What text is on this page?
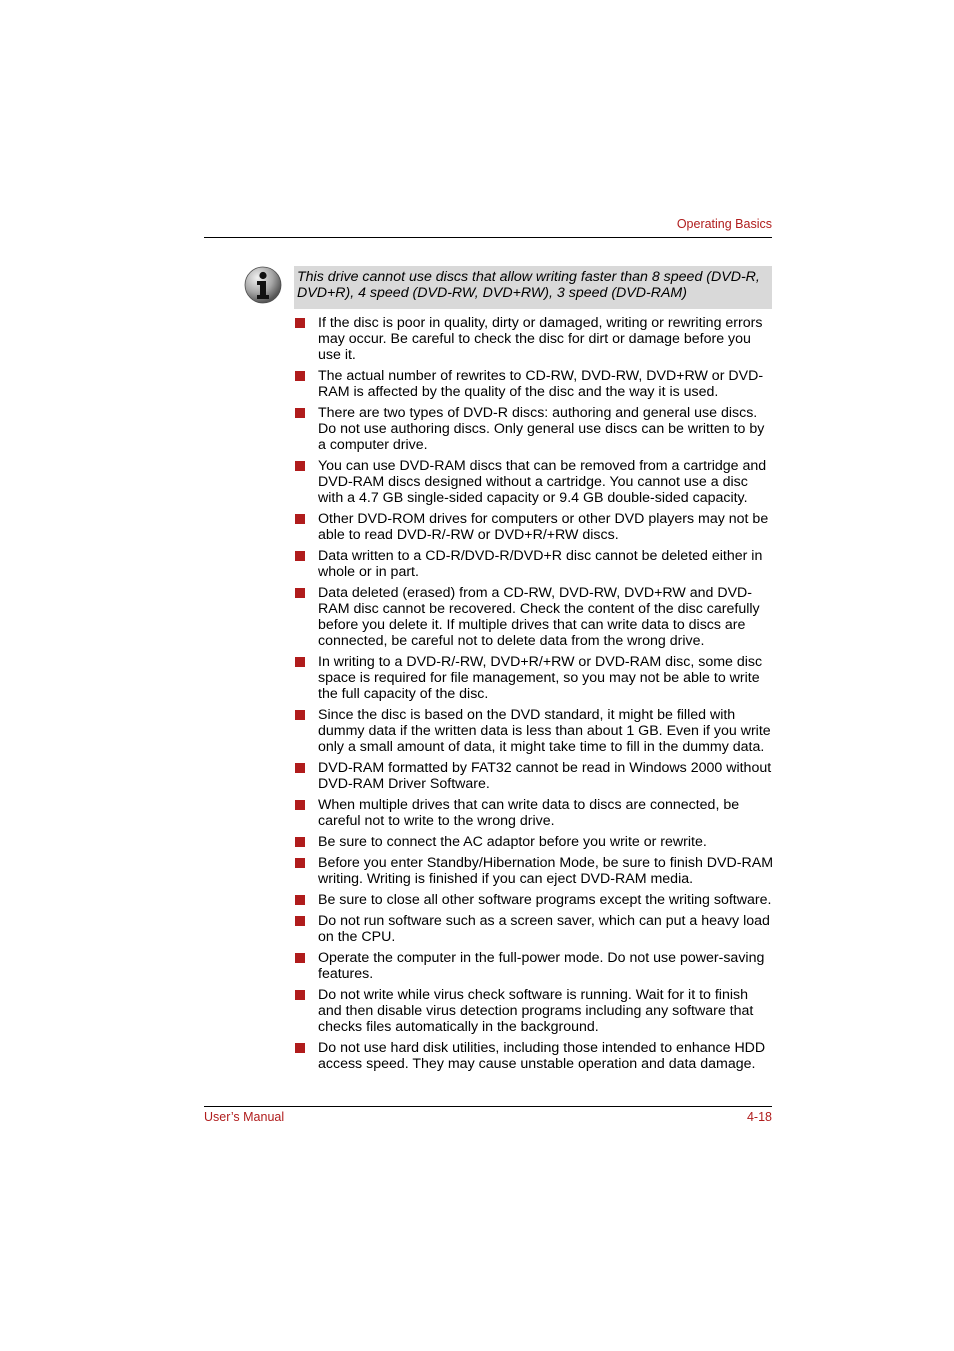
Operating Basics
This drive cannot use discs that allow writing faster than 8 speed (DVD-R, DVD+R), 4 speed (DVD-RW, DVD+RW), 3 speed (DVD-RAM)
If the disc is poor in quality, dirty or damaged, writing or rewriting errors may occur. Be careful to check the disc for dirt or damage before you use it.
The actual number of rewrites to CD-RW, DVD-RW, DVD+RW or DVD-RAM is affected by the quality of the disc and the way it is used.
There are two types of DVD-R discs: authoring and general use discs. Do not use authoring discs. Only general use discs can be written to by a computer drive.
You can use DVD-RAM discs that can be removed from a cartridge and DVD-RAM discs designed without a cartridge. You cannot use a disc with a 4.7 GB single-sided capacity or 9.4 GB double-sided capacity.
Other DVD-ROM drives for computers or other DVD players may not be able to read DVD-R/-RW or DVD+R/+RW discs.
Data written to a CD-R/DVD-R/DVD+R disc cannot be deleted either in whole or in part.
Data deleted (erased) from a CD-RW, DVD-RW, DVD+RW and DVD-RAM disc cannot be recovered. Check the content of the disc carefully before you delete it. If multiple drives that can write data to discs are connected, be careful not to delete data from the wrong drive.
In writing to a DVD-R/-RW, DVD+R/+RW or DVD-RAM disc, some disc space is required for file management, so you may not be able to write the full capacity of the disc.
Since the disc is based on the DVD standard, it might be filled with dummy data if the written data is less than about 1 GB. Even if you write only a small amount of data, it might take time to fill in the dummy data.
DVD-RAM formatted by FAT32 cannot be read in Windows 2000 without DVD-RAM Driver Software.
When multiple drives that can write data to discs are connected, be careful not to write to the wrong drive.
Be sure to connect the AC adaptor before you write or rewrite.
Before you enter Standby/Hibernation Mode, be sure to finish DVD-RAM writing. Writing is finished if you can eject DVD-RAM media.
Be sure to close all other software programs except the writing software.
Do not run software such as a screen saver, which can put a heavy load on the CPU.
Operate the computer in the full-power mode. Do not use power-saving features.
Do not write while virus check software is running. Wait for it to finish and then disable virus detection programs including any software that checks files automatically in the background.
Do not use hard disk utilities, including those intended to enhance HDD access speed. They may cause unstable operation and data damage.
User’s Manual	4-18
